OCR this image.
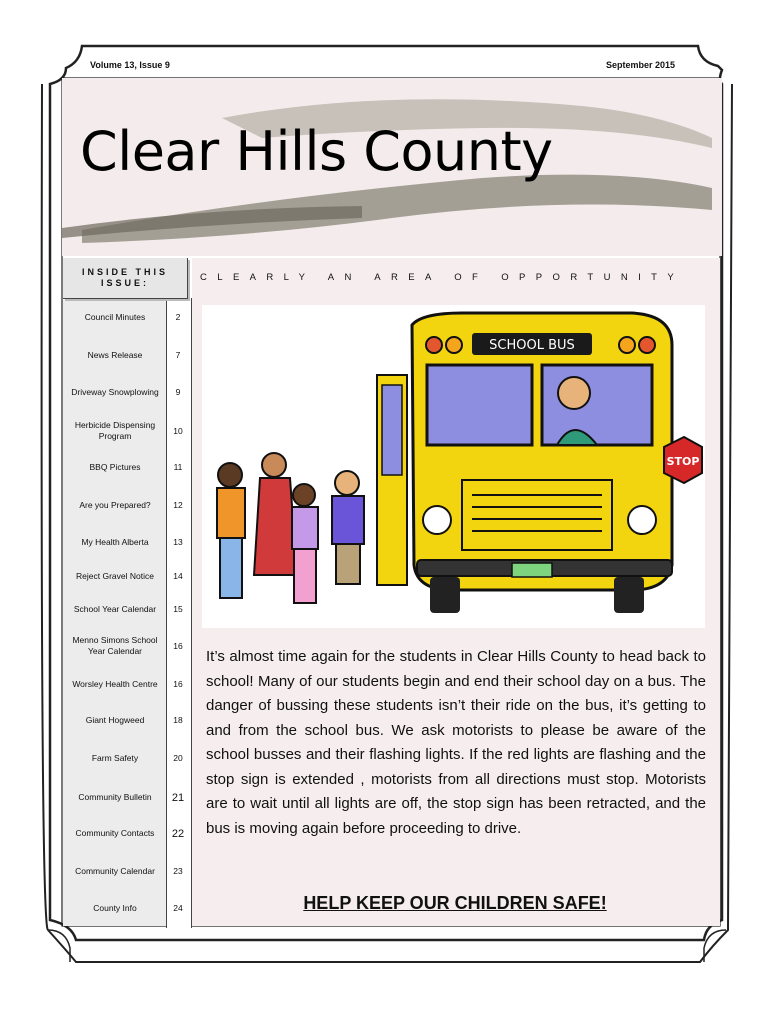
Volume 13, Issue 9	September 2015
Clear Hills County
INSIDE THIS ISSUE:
Council Minutes	2
News Release	7
Driveway Snowplowing	9
Herbicide Dispensing Program	10
BBQ Pictures	11
Are you Prepared?	12
My Health Alberta	13
Reject Gravel Notice	14
School Year Calendar	15
Menno Simons School Year Calendar	16
Worsley Health Centre	16
Giant Hogweed	18
Farm Safety	20
Community Bulletin	21
Community Contacts	22
Community Calendar	23
County Info	24
CLEARLY AN AREA OF OPPORTUNITY
SCHOOL BUS
STOP
It’s almost time again for the students in Clear Hills County to head back to school! Many of our students begin and end their school day on a bus. The danger of bussing these students isn’t their ride on the bus, it’s getting to and from the school bus. We ask motorists to please be aware of the school busses and their flashing lights. If the red lights are flashing and the stop sign is extended , motorists from all directions must stop. Motorists are to wait until all lights are off, the stop sign has been retracted, and the bus is moving again before proceeding to drive.
HELP KEEP OUR CHILDREN SAFE!
